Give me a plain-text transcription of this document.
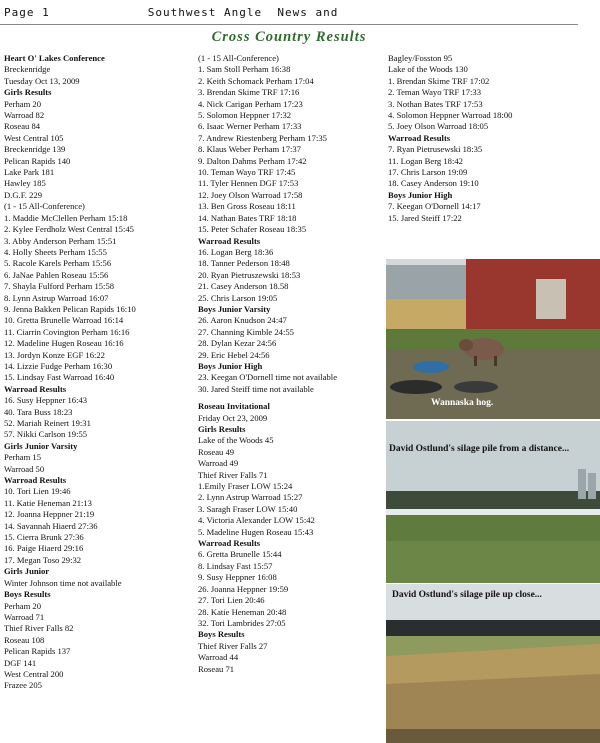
Page 1	Southwest Angle  News and
Cross Country Results
Heart O' Lakes Conference
Breckenridge
Tuesday Oct 13, 2009
Girls Results
Perham 20
Warroad 82
Roseau 84
West Central 105
Breckenridge 139
Pelican Rapids 140
Lake Park 181
Hawley 185
D.G.F. 229
(1 - 15 All-Conference)
1. Maddie McClellen Perham 15:18
2. Kylee Ferdholz West Central 15:45
3. Abby Anderson Perham 15:51
4. Holly Sheets Perham 15:55
5. Racole Karels Perham 15:56
6. JaNae Pahlen Roseau 15:56
7. Shayla Fulford Perham 15:58
8. Lynn Astrup Warroad 16:07
9. Jenna Bakken Pelican Rapids 16:10
10. Gretta Brunelle Warroad 16:14
11. Ciarrin Covington Perham 16:16
12. Madeline Hugen Roseau 16:16
13. Jordyn Konze EGF 16:22
14. Lizzie Fudge Perham 16:30
15. Lindsay Fast Warroad 16:40
Warroad Results
16. Susy Heppner 16:43
40. Tara Buss 18:23
52. Mariah Reinert 19:31
57. Nikki Carlson 19:55
Girls Junior Varsity
Perham 15
Warroad 50
Warroad Results
10. Tori Lien 19:46
11. Katie Heneman 21:13
12. Joanna Heppner 21:19
14. Savannah Hiaerd 27:36
15. Cierra Brunk 27:36
16. Paige Hiaerd 29:16
17. Megan Toso 29:32
Girls Junior
Winter Johnson time not available
Boys Results
Perham 20
Warroad 71
Thief River Falls 82
Roseau 108
Pelican Rapids 137
DGF 141
West Central 200
Frazee 205
(1 - 15 All-Conference)
1. Sam Stoll Perham 16:38
2. Keith Schomack Perham 17:04
3. Brendan Skime TRF 17:16
4. Nick Carigan Perham 17:23
5. Solomon Heppner 17:32
6. Isaac Werner Perham 17:33
7. Andrew Riestenberg Perham 17:35
8. Klaus Weber Perham 17:37
9. Dalton Dahms Perham 17:42
10. Teman Wayo TRF 17:45
11. Tyler Hennen DGF 17:53
12. Joey Olson Warroad 17:58
13. Ben Gross Roseau 18:11
14. Nathan Bates TRF 18:18
15. Peter Schafer Roseau 18:35
Warroad Results
16. Logan Berg 18:36
18. Tanner Pederson 18:48
20. Ryan Pietruszewski 18:53
21. Casey Anderson 18.58
25. Chris Larson 19:05
Boys Junior Varsity
26. Aaron Knudson 24:47
27. Channing Kimble 24:55
28. Dylan Kezar 24:56
29. Eric Hebel 24:56
Boys Junior High
23. Keegan O'Dornell time not available
30. Jared Steiff time not available
Roseau Invitational
Friday Oct 23, 2009
Girls Results
Lake of the Woods 45
Roseau 49
Warroad 49
Thief River Falls 71
1.Emily Fraser LOW 15:24
2. Lynn Astrup Warroad 15:27
3. Saragh Fraser LOW 15:40
4. Victoria Alexander LOW 15:42
5. Madeline Hugen Roseau 15:43
Warroad Results
6. Gretta Brunelle 15:44
8. Lindsay Fast 15:57
9. Susy Heppner 16:08
26. Joanna Heppner 19:59
27. Tori Lien 20:46
28. Katie Heneman 20:48
32. Tori Lambrides 27:05
Boys Results
Thief River Falls 27
Warroad 44
Roseau 71
Bagley/Fosston 95
Lake of the Woods 130
1. Brendan Skime TRF 17:02
2. Teman Wayo TRF 17:33
3. Nothan Bates TRF 17:53
4. Solomon Heppner Warroad 18:00
5. Joey Olson Warroad 18:05
Warroad Results
7. Ryan Pietrusewski 18:35
11. Logan Berg 18:42
17. Chris Larson 19:09
18. Casey Anderson 19:10
Boys Junior High
7. Keegan O'Dornell 14:17
15. Jared Steiff 17:22
Wannaska hog.
David Ostlund's silage pile from a distance...
David Ostlund's silage pile up close...
